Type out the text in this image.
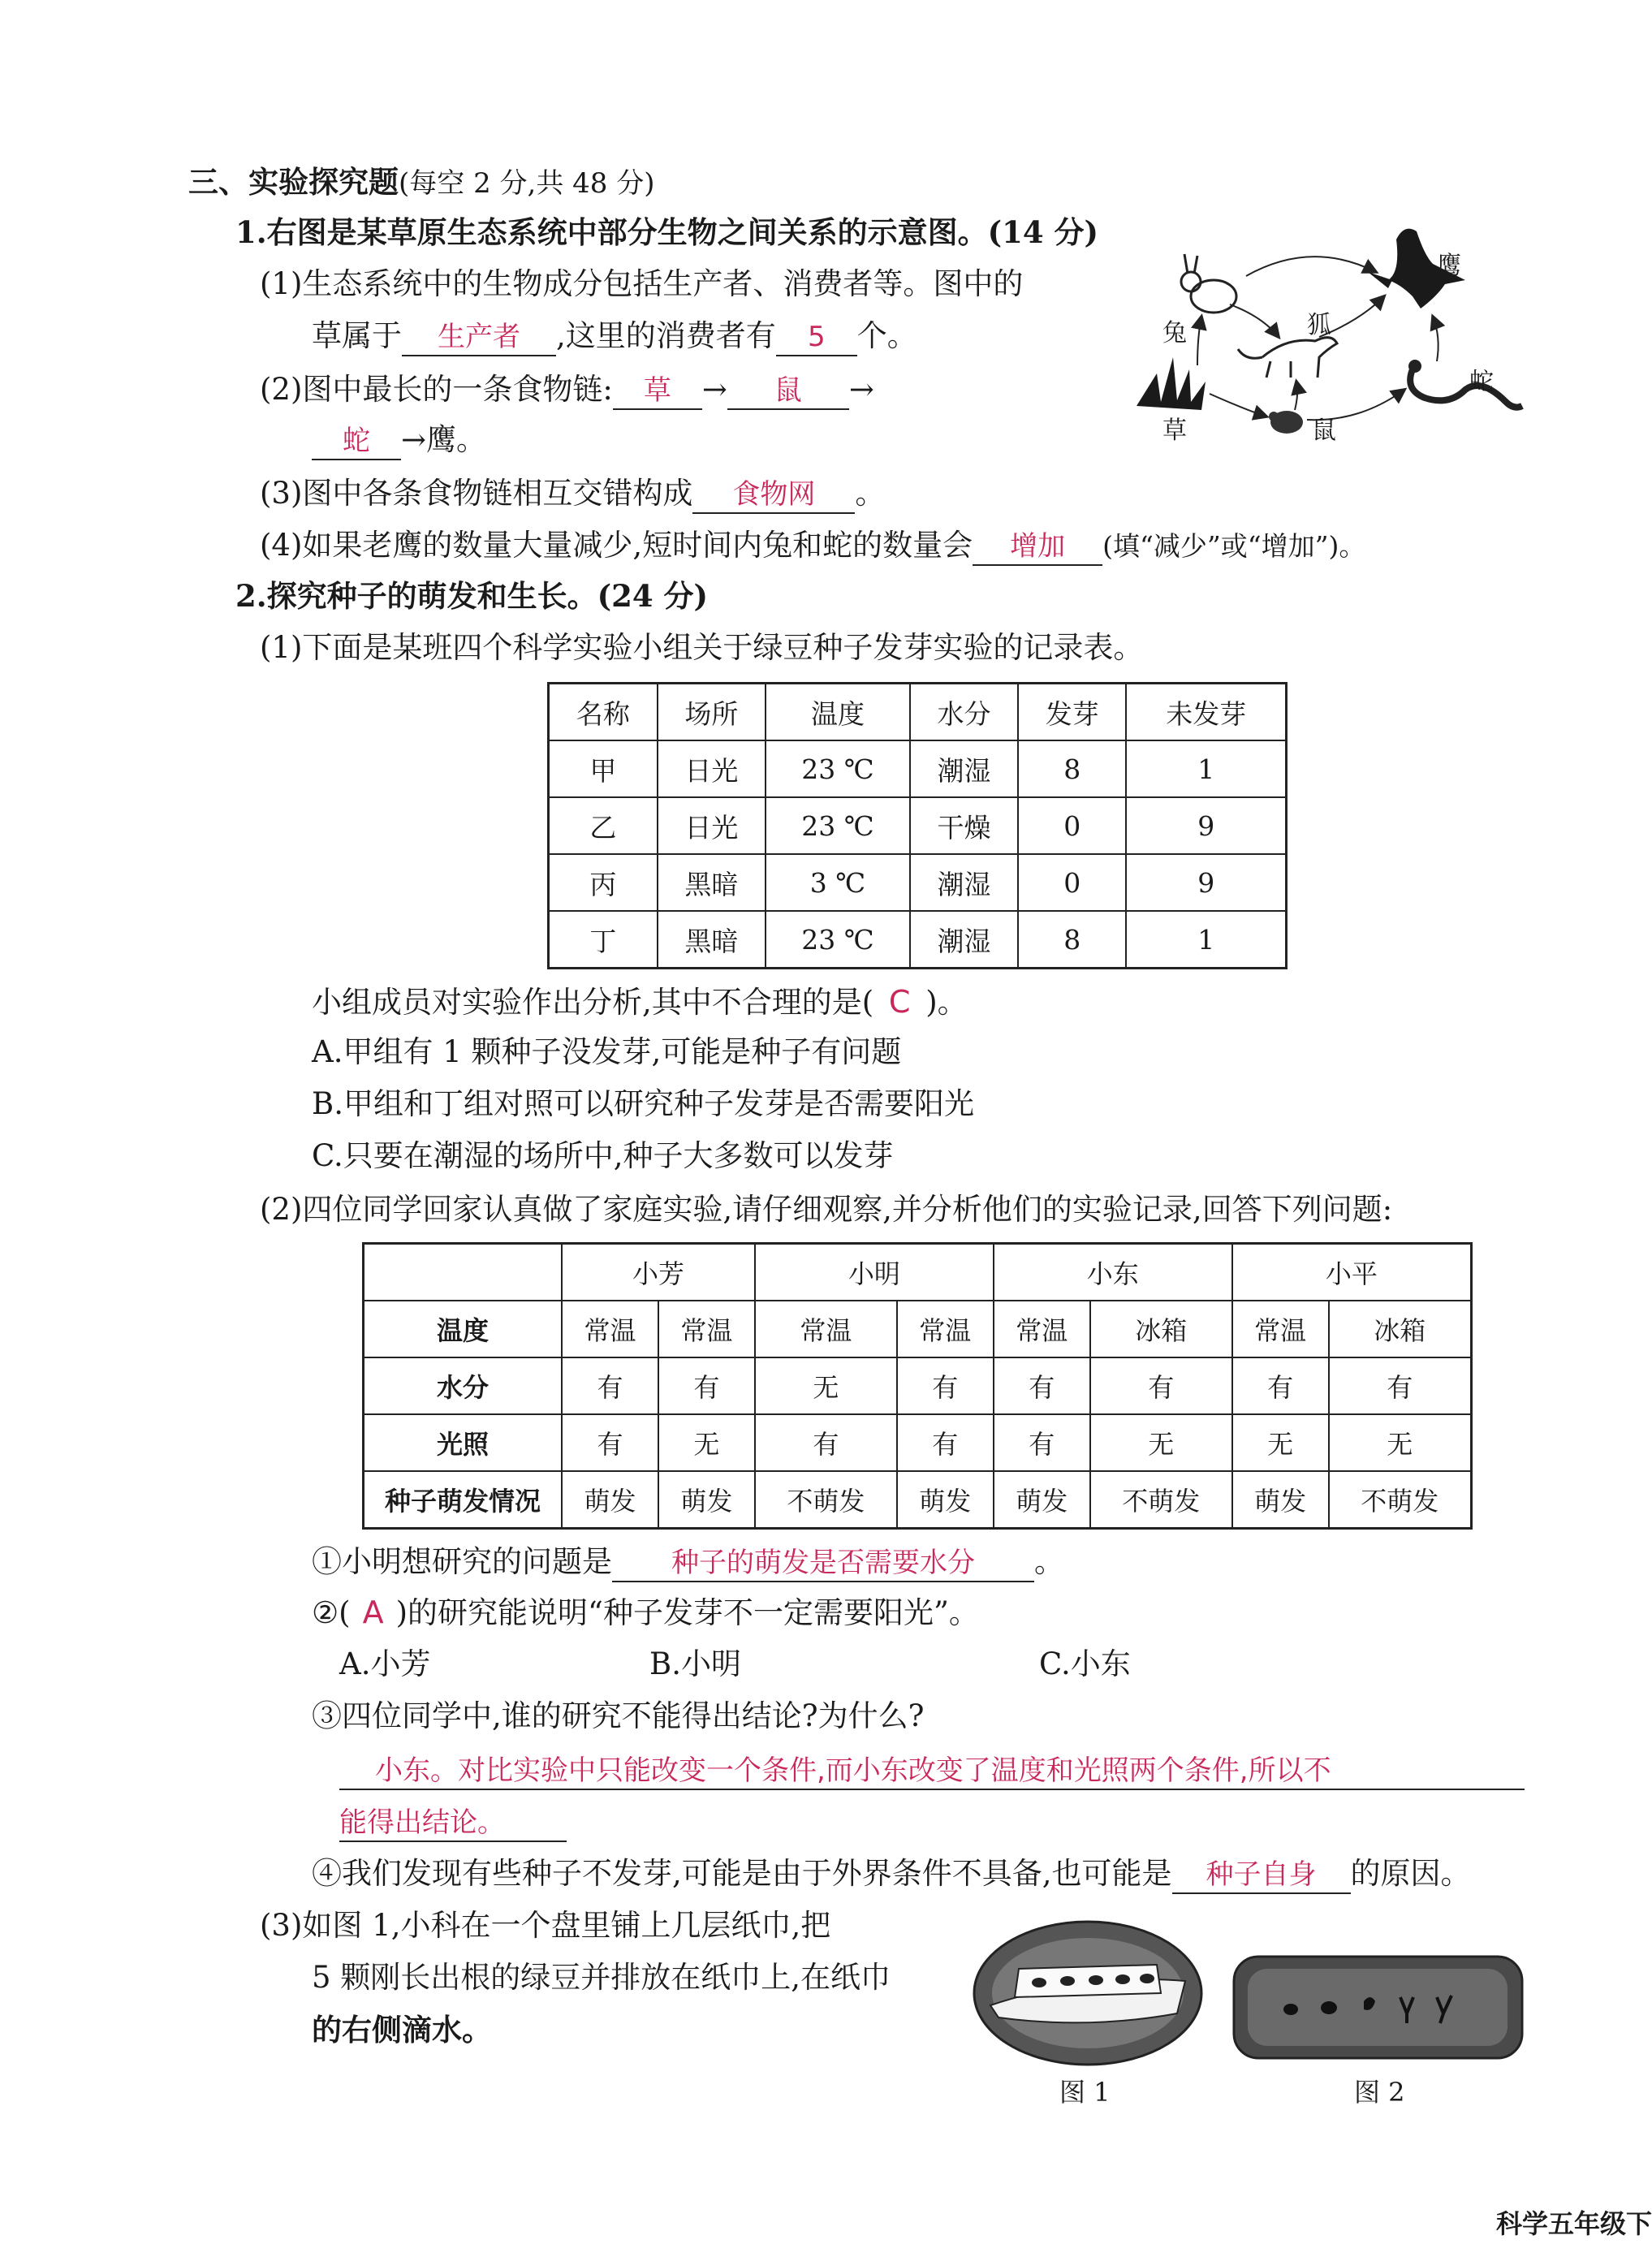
三、实验探究题(每空 2 分,共 48 分)
1.右图是某草原生态系统中部分生物之间关系的示意图。(14 分)
(1)生态系统中的生物成分包括生产者、消费者等。图中的
草属于 生产者 ,这里的消费者有 5 个。
(2)图中最长的一条食物链: 草 → 鼠 →
蛇 →鹰。
(3)图中各条食物链相互交错构成 食物网 。
(4)如果老鹰的数量大量减少,短时间内兔和蛇的数量会 增加 (填“减少”或“增加”)。
鹰
兔	狐
蛇
草	鼠
2.探究种子的萌发和生长。(24 分)
(1)下面是某班四个科学实验小组关于绿豆种子发芽实验的记录表。
名称	场所	温度	水分	发芽	未发芽
甲	日光	23 ℃	潮湿	8	1
乙	日光	23 ℃	干燥	0	9
丙	黑暗	3 ℃	潮湿	0	9
丁	黑暗	23 ℃	潮湿	8	1
小组成员对实验作出分析,其中不合理的是( C )。
A.甲组有 1 颗种子没发芽,可能是种子有问题
B.甲组和丁组对照可以研究种子发芽是否需要阳光
C.只要在潮湿的场所中,种子大多数可以发芽
(2)四位同学回家认真做了家庭实验,请仔细观察,并分析他们的实验记录,回答下列问题:
	小芳		小明		小东		小平	
温度	常温	常温	常温	常温	常温	冰箱	常温	冰箱
水分	有	有	无	有	有	有	有	有
光照	有	无	有	有	有	无	无	无
种子萌发情况	萌发	萌发	不萌发	萌发	萌发	不萌发	萌发	不萌发
①小明想研究的问题是 种子的萌发是否需要水分 。
②( A )的研究能说明“种子发芽不一定需要阳光”。
A.小芳	B.小明	C.小东
③四位同学中,谁的研究不能得出结论?为什么?
小东。对比实验中只能改变一个条件,而小东改变了温度和光照两个条件,所以不
能得出结论。
④我们发现有些种子不发芽,可能是由于外界条件不具备,也可能是 种子自身 的原因。
(3)如图 1,小科在一个盘里铺上几层纸巾,把
5 颗刚长出根的绿豆并排放在纸巾上,在纸巾
的右侧滴水。
图 1	图 2
科学五年级下
